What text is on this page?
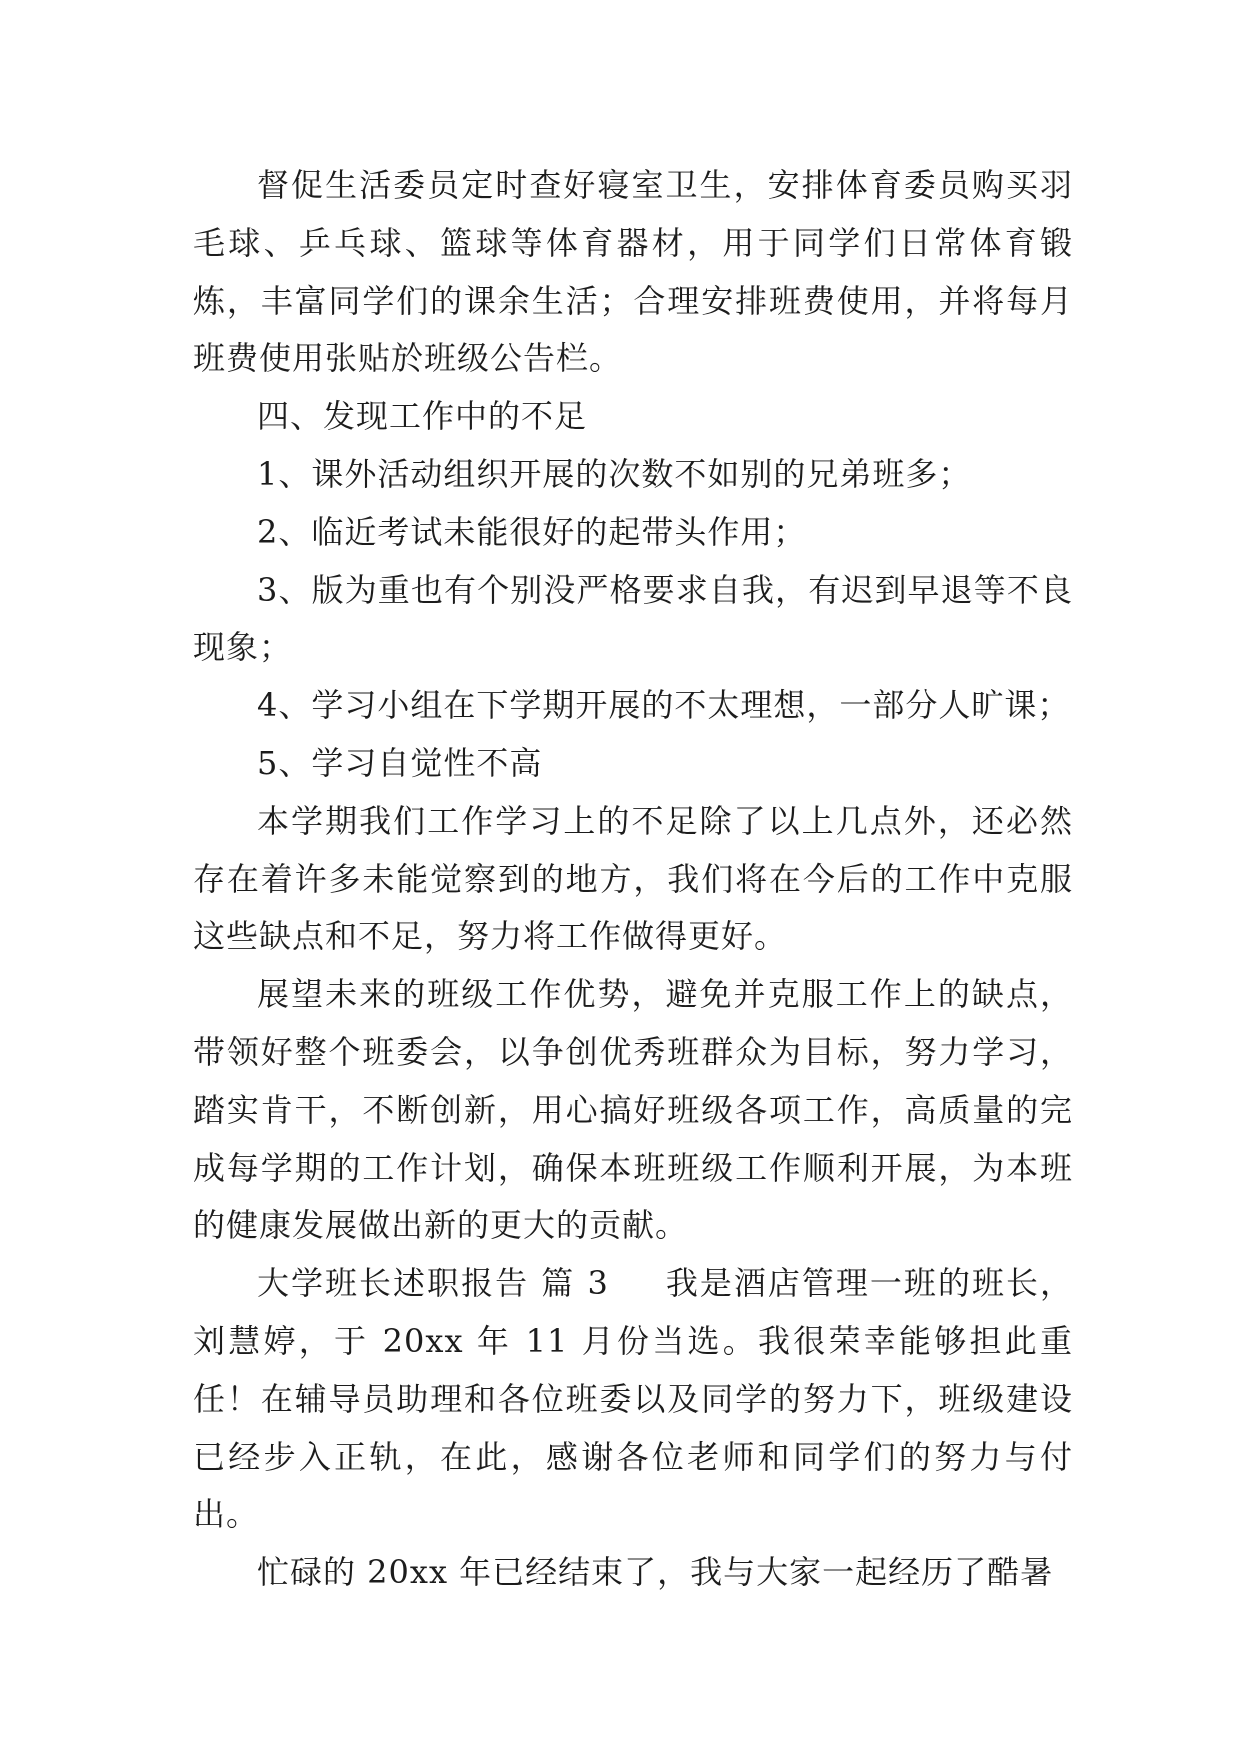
督促生活委员定时查好寝室卫生，安排体育委员购买羽毛球、乒乓球、篮球等体育器材，用于同学们日常体育锻炼，丰富同学们的课余生活；合理安排班费使用，并将每月班费使用张贴於班级公告栏。

四、发现工作中的不足

1、课外活动组织开展的次数不如别的兄弟班多；

2、临近考试未能很好的起带头作用；

3、版为重也有个别没严格要求自我，有迟到早退等不良现象；

4、学习小组在下学期开展的不太理想，一部分人旷课；

5、学习自觉性不高

本学期我们工作学习上的不足除了以上几点外，还必然存在着许多未能觉察到的地方，我们将在今后的工作中克服这些缺点和不足，努力将工作做得更好。

展望未来的班级工作优势，避免并克服工作上的缺点，带领好整个班委会，以争创优秀班群众为目标，努力学习，踏实肯干，不断创新，用心搞好班级各项工作，高质量的完成每学期的工作计划，确保本班班级工作顺利开展，为本班的健康发展做出新的更大的贡献。

大学班长述职报告 篇 3 我是酒店管理一班的班长，刘慧婷，于 20xx 年 11 月份当选。我很荣幸能够担此重任！在辅导员助理和各位班委以及同学的努力下，班级建设已经步入正轨，在此，感谢各位老师和同学们的努力与付出。

忙碌的 20xx 年已经结束了，我与大家一起经历了酷暑
